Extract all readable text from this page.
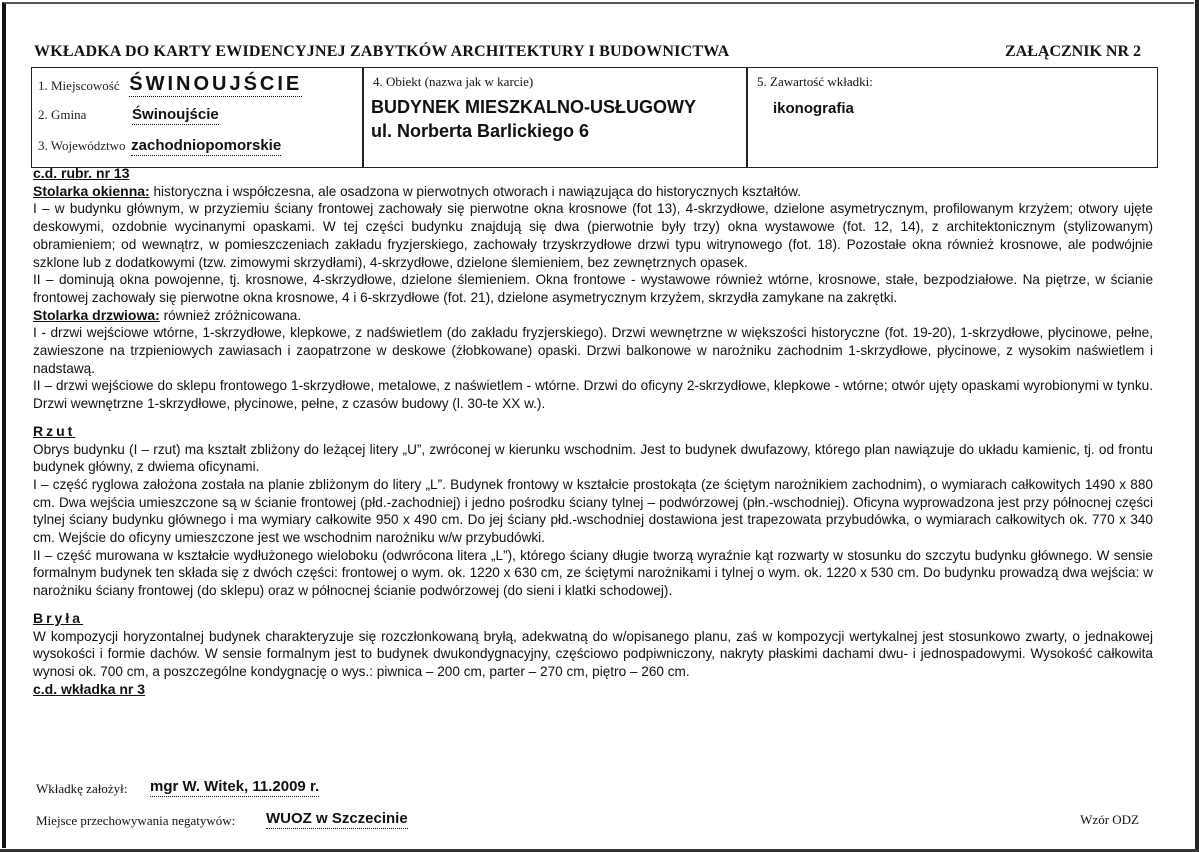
WKŁADKA DO KARTY EWIDENCYJNEJ ZABYTKÓW ARCHITEKTURY I BUDOWNICTWA	ZAŁĄCZNIK NR 2
1. Miejscowość ŚWINOUJŚCIE
2. Gmina	Świnoujście
3. Województwo zachodniopomorskie
4. Obiekt (nazwa jak w karcie)
BUDYNEK MIESZKALNO-USŁUGOWY
ul. Norberta Barlickiego 6
5. Zawartość wkładki:
ikonografia

c.d. rubr. nr 13

Stolarka okienna: historyczna i współczesna, ale osadzona w pierwotnych otworach i nawiązująca do historycznych kształtów.

I – w budynku głównym, w przyziemiu ściany frontowej zachowały się pierwotne okna krosnowe (fot 13), 4-skrzydłowe, dzielone asymetrycznym, profilowanym krzyżem; otwory ujęte deskowymi, ozdobnie wycinanymi opaskami. W tej części budynku znajdują się dwa (pierwotnie były trzy) okna wystawowe (fot. 12, 14), z architektonicznym (stylizowanym) obramieniem; od wewnątrz, w pomieszczeniach zakładu fryzjerskiego, zachowały trzyskrzydłowe drzwi typu witrynowego (fot. 18). Pozostałe okna również krosnowe, ale podwójnie szklone lub z dodatkowymi (tzw. zimowymi skrzydłami), 4-skrzydłowe, dzielone ślemieniem, bez zewnętrznych opasek.

II – dominują okna powojenne, tj. krosnowe, 4-skrzydłowe, dzielone ślemieniem. Okna frontowe - wystawowe również wtórne, krosnowe, stałe, bezpodziałowe. Na piętrze, w ścianie frontowej zachowały się pierwotne okna krosnowe, 4 i 6-skrzydłowe (fot. 21), dzielone asymetrycznym krzyżem, skrzydła zamykane na zakrętki.

Stolarka drzwiowa: również zróżnicowana.

I - drzwi wejściowe wtórne, 1-skrzydłowe, klepkowe, z nadświetlem (do zakładu fryzjerskiego). Drzwi wewnętrzne w większości historyczne (fot. 19-20), 1-skrzydłowe, płycinowe, pełne, zawieszone na trzpieniowych zawiasach i zaopatrzone w deskowe (żłobkowane) opaski. Drzwi balkonowe w narożniku zachodnim 1-skrzydłowe, płycinowe, z wysokim naświetlem i nadstawą.

II – drzwi wejściowe do sklepu frontowego 1-skrzydłowe, metalowe, z naświetlem - wtórne. Drzwi do oficyny 2-skrzydłowe, klepkowe - wtórne; otwór ujęty opaskami wyrobionymi w tynku. Drzwi wewnętrzne 1-skrzydłowe, płycinowe, pełne, z czasów budowy (l. 30-te XX w.).

Rzut

Obrys budynku (I – rzut) ma kształt zbliżony do leżącej litery „U”, zwróconej w kierunku wschodnim. Jest to budynek dwufazowy, którego plan nawiązuje do układu kamienic, tj. od frontu budynek główny, z dwiema oficynami.

I – część ryglowa założona została na planie zbliżonym do litery „L”. Budynek frontowy w kształcie prostokąta (ze ściętym narożnikiem zachodnim), o wymiarach całkowitych 1490 x 880 cm. Dwa wejścia umieszczone są w ścianie frontowej (płd.-zachodniej) i jedno pośrodku ściany tylnej – podwórzowej (płn.-wschodniej). Oficyna wyprowadzona jest przy północnej części tylnej ściany budynku głównego i ma wymiary całkowite 950 x 490 cm. Do jej ściany płd.-wschodniej dostawiona jest trapezowata przybudówka, o wymiarach całkowitych ok. 770 x 340 cm. Wejście do oficyny umieszczone jest we wschodnim narożniku w/w przybudówki.

II – część murowana w kształcie wydłużonego wieloboku (odwrócona litera „L”), którego ściany długie tworzą wyraźnie kąt rozwarty w stosunku do szczytu budynku głównego. W sensie formalnym budynek ten składa się z dwóch części: frontowej o wym. ok. 1220 x 630 cm, ze ściętymi narożnikami i tylnej o wym. ok. 1220 x 530 cm. Do budynku prowadzą dwa wejścia: w narożniku ściany frontowej (do sklepu) oraz w północnej ścianie podwórzowej (do sieni i klatki schodowej).

Bryła

W kompozycji horyzontalnej budynek charakteryzuje się rozczłonkowaną bryłą, adekwatną do w/opisanego planu, zaś w kompozycji wertykalnej jest stosunkowo zwarty, o jednakowej wysokości i formie dachów. W sensie formalnym jest to budynek dwukondygnacyjny, częściowo podpiwniczony, nakryty płaskimi dachami dwu- i jednospadowymi. Wysokość całkowita wynosi ok. 700 cm, a poszczególne kondygnację o wys.: piwnica – 200 cm, parter – 270 cm, piętro – 260 cm.

c.d. wkładka nr 3

Wkładkę założył: mgr W. Witek, 11.2009 r.
Miejsce przechowywania negatywów: WUOZ w Szczecinie	Wzór ODZ
